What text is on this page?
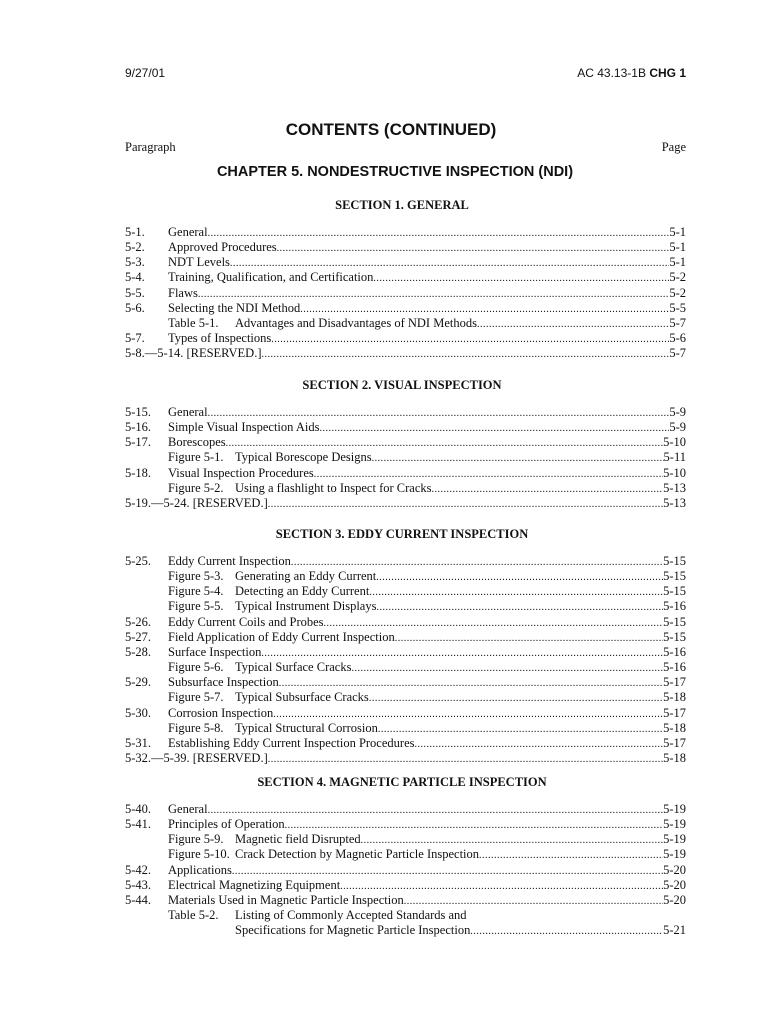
9/27/01	AC 43.13-1B CHG 1
CONTENTS (CONTINUED)
Paragraph	Page
CHAPTER 5. NONDESTRUCTIVE INSPECTION (NDI)
SECTION 1. GENERAL
5-1. General .....	5-1
5-2. Approved Procedures .....	5-1
5-3. NDT Levels .....	5-1
5-4. Training, Qualification, and Certification .....	5-2
5-5. Flaws .....	5-2
5-6. Selecting the NDI Method .....	5-5
Table 5-1. Advantages and Disadvantages of NDI Methods .....	5-7
5-7. Types of Inspections .....	5-6
5-8.—5-14. [RESERVED.] .....	5-7
SECTION 2. VISUAL INSPECTION
5-15. General .....	5-9
5-16. Simple Visual Inspection Aids .....	5-9
5-17. Borescopes .....	5-10
Figure 5-1. Typical Borescope Designs .....	5-11
5-18. Visual Inspection Procedures .....	5-10
Figure 5-2. Using a flashlight to Inspect for Cracks .....	5-13
5-19.—5-24. [RESERVED.] .....	5-13
SECTION 3. EDDY CURRENT INSPECTION
5-25. Eddy Current Inspection .....	5-15
Figure 5-3. Generating an Eddy Current .....	5-15
Figure 5-4. Detecting an Eddy Current .....	5-15
Figure 5-5. Typical Instrument Displays .....	5-16
5-26. Eddy Current Coils and Probes .....	5-15
5-27. Field Application of Eddy Current Inspection .....	5-15
5-28. Surface Inspection .....	5-16
Figure 5-6. Typical Surface Cracks .....	5-16
5-29. Subsurface Inspection .....	5-17
Figure 5-7. Typical Subsurface Cracks .....	5-18
5-30. Corrosion Inspection .....	5-17
Figure 5-8. Typical Structural Corrosion .....	5-18
5-31. Establishing Eddy Current Inspection Procedures .....	5-17
5-32.—5-39. [RESERVED.] .....	5-18
SECTION 4. MAGNETIC PARTICLE INSPECTION
5-40. General .....	5-19
5-41. Principles of Operation .....	5-19
Figure 5-9. Magnetic field Disrupted .....	5-19
Figure 5-10. Crack Detection by Magnetic Particle Inspection .....	5-19
5-42. Applications .....	5-20
5-43. Electrical Magnetizing Equipment .....	5-20
5-44. Materials Used in Magnetic Particle Inspection .....	5-20
Table 5-2. Listing of Commonly Accepted Standards and
Specifications for Magnetic Particle Inspection .....	5-21
